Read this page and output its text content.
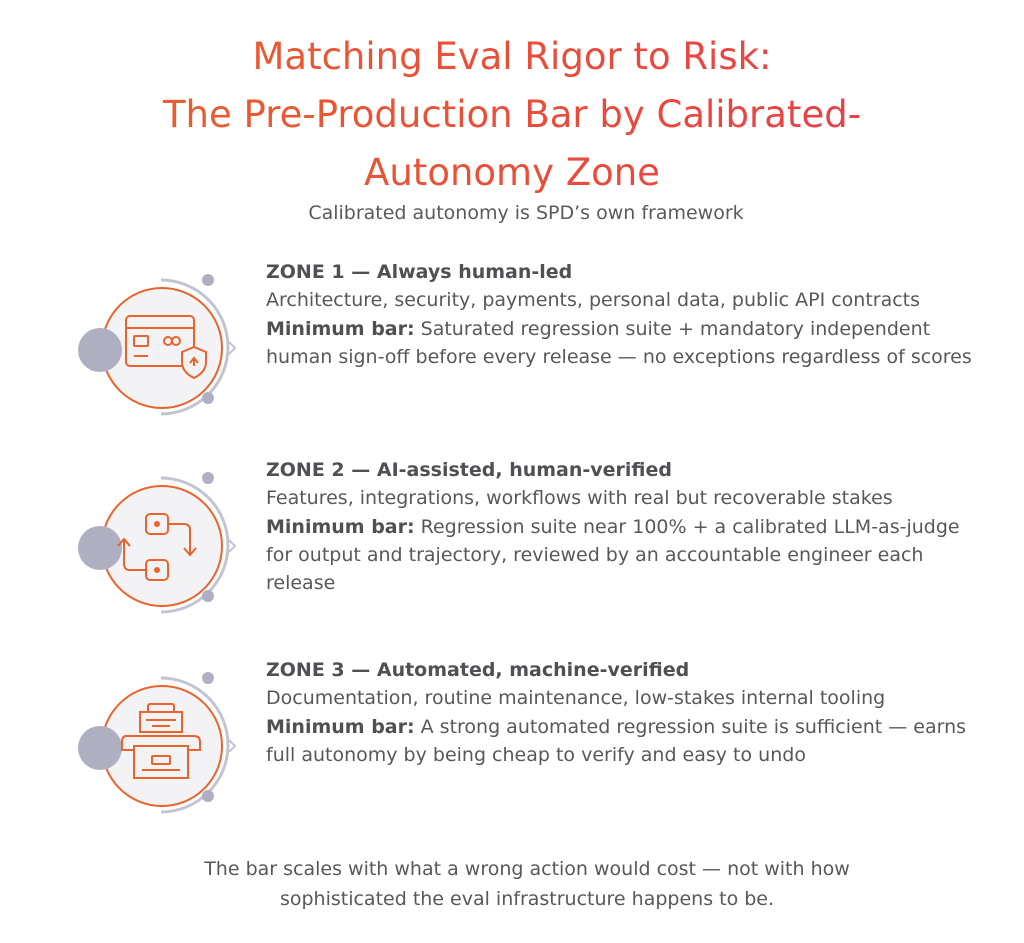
Matching Eval Rigor to Risk:
The Pre-Production Bar by Calibrated-
Autonomy Zone
Calibrated autonomy is SPD’s own framework

ZONE 1 — Always human-led

Architecture, security, payments, personal data, public API contracts

Minimum bar: Saturated regression suite + mandatory independent human sign-off before every release — no exceptions regardless of scores

ZONE 2 — AI-assisted, human-verified

Features, integrations, workflows with real but recoverable stakes

Minimum bar: Regression suite near 100% + a calibrated LLM-as-judge for output and trajectory, reviewed by an accountable engineer each release

ZONE 3 — Automated, machine-verified

Documentation, routine maintenance, low-stakes internal tooling

Minimum bar: A strong automated regression suite is sufficient — earns full autonomy by being cheap to verify and easy to undo

The bar scales with what a wrong action would cost — not with how
sophisticated the eval infrastructure happens to be.
